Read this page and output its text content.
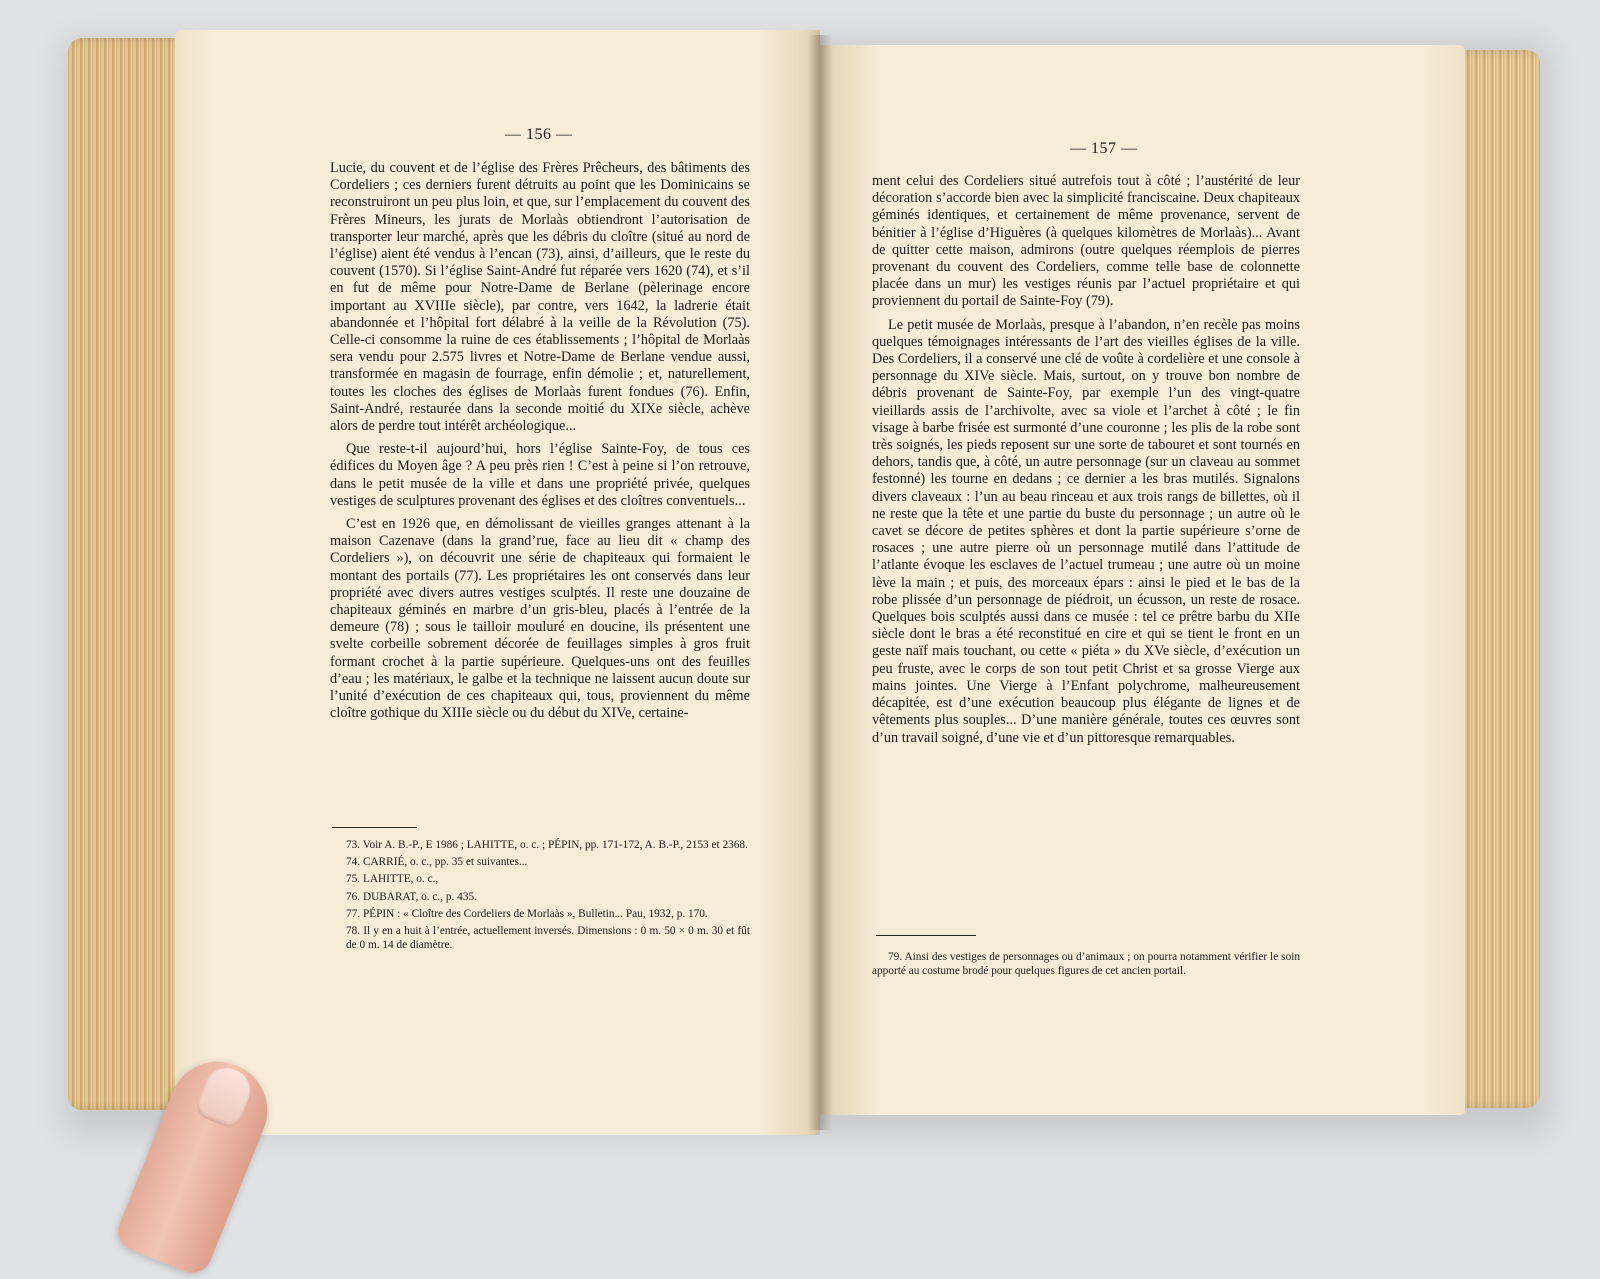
— 156 —

Lucie, du couvent et de l’église des Frères Prêcheurs, des bâtiments des Cordeliers ; ces derniers furent détruits au point que les Dominicains se reconstruiront un peu plus loin, et que, sur l’emplacement du couvent des Frères Mineurs, les jurats de Morlaàs obtiendront l’autorisation de transporter leur marché, après que les débris du cloître (situé au nord de l’église) aient été vendus à l’encan (73), ainsi, d’ailleurs, que le reste du couvent (1570). Si l’église Saint-André fut réparée vers 1620 (74), et s’il en fut de même pour Notre-Dame de Berlane (pèlerinage encore important au XVIIIe siècle), par contre, vers 1642, la ladrerie était abandonnée et l’hôpital fort délabré à la veille de la Révolution (75). Celle-ci consomme la ruine de ces établissements ; l’hôpital de Morlaàs sera vendu pour 2.575 livres et Notre-Dame de Berlane vendue aussi, transformée en magasin de fourrage, enfin démolie ; et, naturellement, toutes les cloches des églises de Morlaàs furent fondues (76). Enfin, Saint-André, restaurée dans la seconde moitié du XIXe siècle, achève alors de perdre tout intérêt archéologique...

Que reste-t-il aujourd’hui, hors l’église Sainte-Foy, de tous ces édifices du Moyen âge ? A peu près rien ! C’est à peine si l’on retrouve, dans le petit musée de la ville et dans une propriété privée, quelques vestiges de sculptures provenant des églises et des cloîtres conventuels...

C’est en 1926 que, en démolissant de vieilles granges attenant à la maison Cazenave (dans la grand’rue, face au lieu dit « champ des Cordeliers »), on découvrit une série de chapiteaux qui formaient le montant des portails (77). Les propriétaires les ont conservés dans leur propriété avec divers autres vestiges sculptés. Il reste une douzaine de chapiteaux géminés en marbre d’un gris-bleu, placés à l’entrée de la demeure (78) ; sous le tailloir mouluré en doucine, ils présentent une svelte corbeille sobrement décorée de feuillages simples à gros fruit formant crochet à la partie supérieure. Quelques-uns ont des feuilles d’eau ; les matériaux, le galbe et la technique ne laissent aucun doute sur l’unité d’exécution de ces chapiteaux qui, tous, proviennent du même cloître gothique du XIIIe siècle ou du début du XIVe, certaine-

73. Voir A. B.-P., E 1986 ; LAHITTE, o. c. ; PÉPIN, pp. 171-172, A. B.-P., 2153 et 2368.

74. CARRIÉ, o. c., pp. 35 et suivantes...

75. LAHITTE, o. c.,

76. DUBARAT, o. c., p. 435.

77. PÉPIN : « Cloître des Cordeliers de Morlaàs », Bulletin... Pau, 1932, p. 170.

78. Il y en a huit à l’entrée, actuellement inversés. Dimensions : 0 m. 50 × 0 m. 30 et fût de 0 m. 14 de diamètre.

— 157 —

ment celui des Cordeliers situé autrefois tout à côté ; l’austérité de leur décoration s’accorde bien avec la simplicité franciscaine. Deux chapiteaux géminés identiques, et certainement de même provenance, servent de bénitier à l’église d’Higuères (à quelques kilomètres de Morlaàs)... Avant de quitter cette maison, admirons (outre quelques réemplois de pierres provenant du couvent des Cordeliers, comme telle base de colonnette placée dans un mur) les vestiges réunis par l’actuel propriétaire et qui proviennent du portail de Sainte-Foy (79).

Le petit musée de Morlaàs, presque à l’abandon, n’en recèle pas moins quelques témoignages intéressants de l’art des vieilles églises de la ville. Des Cordeliers, il a conservé une clé de voûte à cordelière et une console à personnage du XIVe siècle. Mais, surtout, on y trouve bon nombre de débris provenant de Sainte-Foy, par exemple l’un des vingt-quatre vieillards assis de l’archivolte, avec sa viole et l’archet à côté ; le fin visage à barbe frisée est surmonté d’une couronne ; les plis de la robe sont très soignés, les pieds reposent sur une sorte de tabouret et sont tournés en dehors, tandis que, à côté, un autre personnage (sur un claveau au sommet festonné) les tourne en dedans ; ce dernier a les bras mutilés. Signalons divers claveaux : l’un au beau rinceau et aux trois rangs de billettes, où il ne reste que la tête et une partie du buste du personnage ; un autre où le cavet se décore de petites sphères et dont la partie supérieure s’orne de rosaces ; une autre pierre où un personnage mutilé dans l’attitude de l’atlante évoque les esclaves de l’actuel trumeau ; une autre où un moine lève la main ; et puis, des morceaux épars : ainsi le pied et le bas de la robe plissée d’un personnage de piédroit, un écusson, un reste de rosace. Quelques bois sculptés aussi dans ce musée : tel ce prêtre barbu du XIIe siècle dont le bras a été reconstitué en cire et qui se tient le front en un geste naïf mais touchant, ou cette « piéta » du XVe siècle, d’exécution un peu fruste, avec le corps de son tout petit Christ et sa grosse Vierge aux mains jointes. Une Vierge à l’Enfant polychrome, malheureusement décapitée, est d’une exécution beaucoup plus élégante de lignes et de vêtements plus souples... D’une manière générale, toutes ces œuvres sont d’un travail soigné, d’une vie et d’un pittoresque remarquables.

79. Ainsi des vestiges de personnages ou d’animaux ; on pourra notamment vérifier le soin apporté au costume brodé pour quelques figures de cet ancien portail.
